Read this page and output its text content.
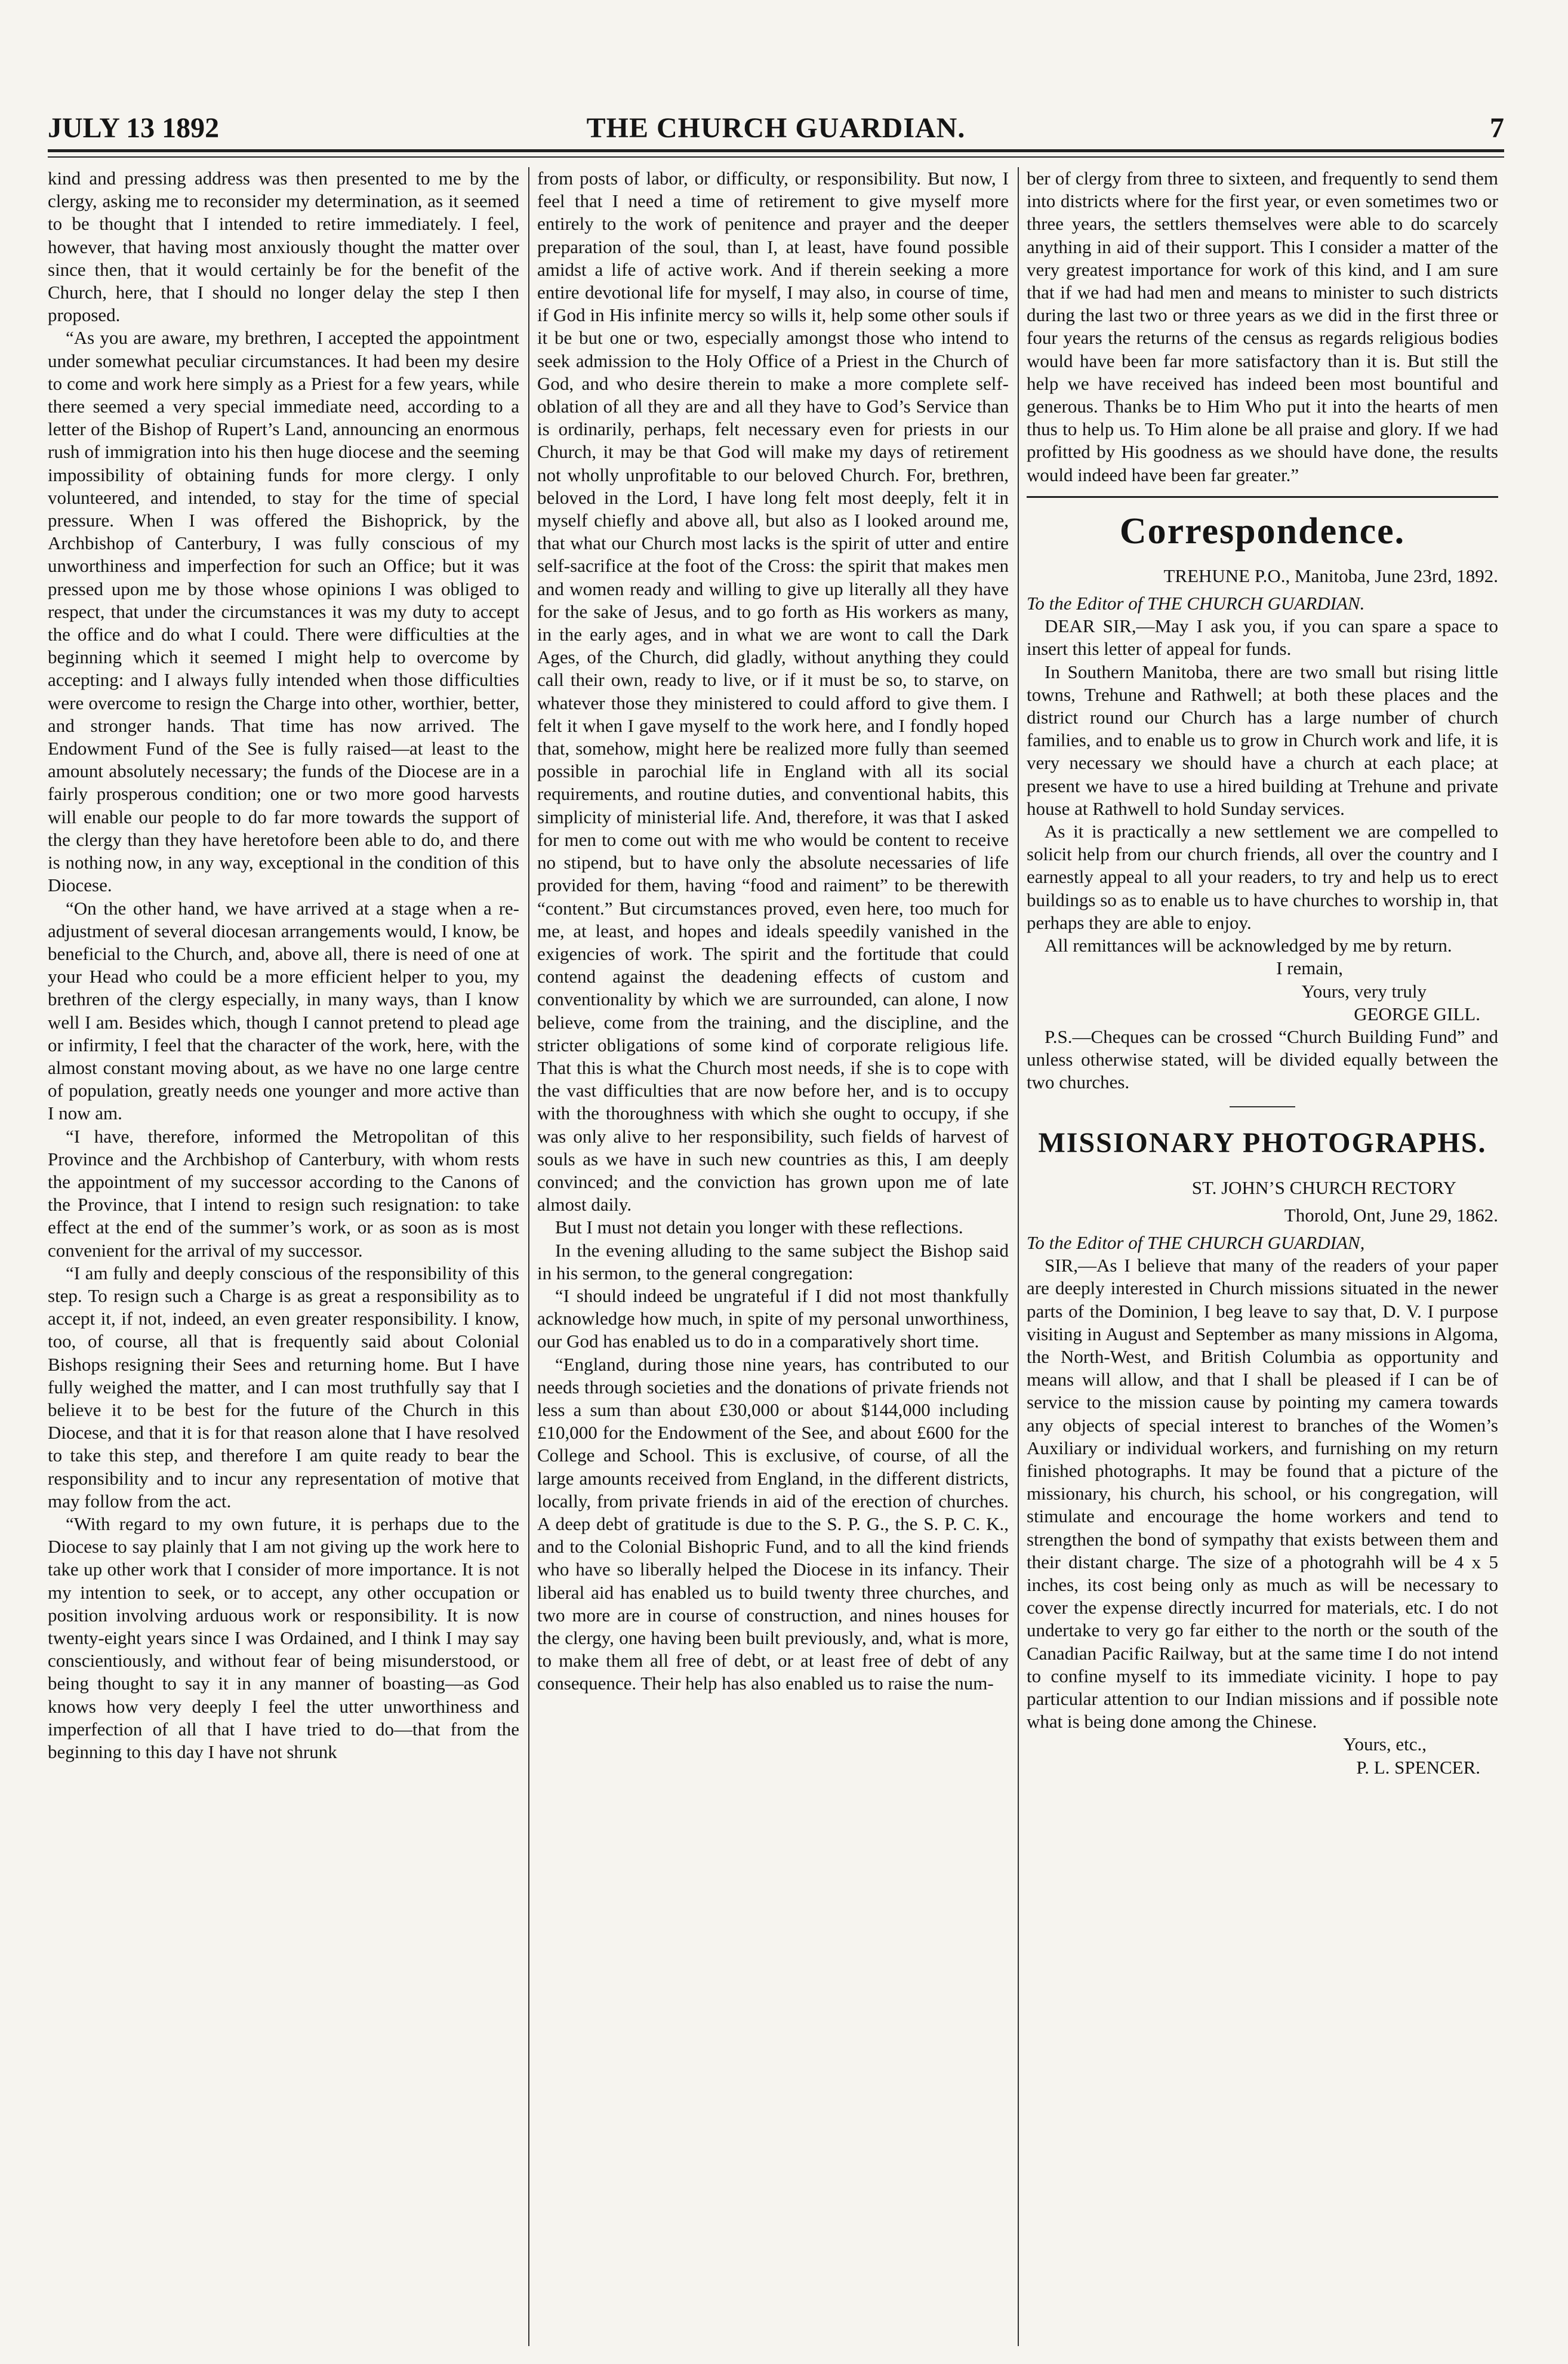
JULY 13 1892	THE CHURCH GUARDIAN.	7

kind and pressing address was then presented to me by the clergy, asking me to reconsider my determination, as it seemed to be thought that I intended to retire immediately. I feel, however, that having most anxiously thought the matter over since then, that it would certainly be for the benefit of the Church, here, that I should no longer delay the step I then proposed.

“As you are aware, my brethren, I accepted the appointment under somewhat peculiar circumstances. It had been my desire to come and work here simply as a Priest for a few years, while there seemed a very special immediate need, according to a letter of the Bishop of Rupert’s Land, announcing an enormous rush of immigration into his then huge diocese and the seeming impossibility of obtaining funds for more clergy. I only volunteered, and intended, to stay for the time of special pressure. When I was offered the Bishoprick, by the Archbishop of Canterbury, I was fully conscious of my unworthiness and imperfection for such an Office; but it was pressed upon me by those whose opinions I was obliged to respect, that under the circumstances it was my duty to accept the office and do what I could. There were difficulties at the beginning which it seemed I might help to overcome by accepting: and I always fully intended when those difficulties were overcome to resign the Charge into other, worthier, better, and stronger hands. That time has now arrived. The Endowment Fund of the See is fully raised—at least to the amount absolutely necessary; the funds of the Diocese are in a fairly prosperous condition; one or two more good harvests will enable our people to do far more towards the support of the clergy than they have heretofore been able to do, and there is nothing now, in any way, exceptional in the condition of this Diocese.

“On the other hand, we have arrived at a stage when a re-adjustment of several diocesan arrangements would, I know, be beneficial to the Church, and, above all, there is need of one at your Head who could be a more efficient helper to you, my brethren of the clergy especially, in many ways, than I know well I am. Besides which, though I cannot pretend to plead age or infirmity, I feel that the character of the work, here, with the almost constant moving about, as we have no one large centre of population, greatly needs one younger and more active than I now am.

“I have, therefore, informed the Metropolitan of this Province and the Archbishop of Canterbury, with whom rests the appointment of my successor according to the Canons of the Province, that I intend to resign such resignation: to take effect at the end of the summer’s work, or as soon as is most convenient for the arrival of my successor.

“I am fully and deeply conscious of the responsibility of this step. To resign such a Charge is as great a responsibility as to accept it, if not, indeed, an even greater responsibility. I know, too, of course, all that is frequently said about Colonial Bishops resigning their Sees and returning home. But I have fully weighed the matter, and I can most truthfully say that I believe it to be best for the future of the Church in this Diocese, and that it is for that reason alone that I have resolved to take this step, and therefore I am quite ready to bear the responsibility and to incur any representation of motive that may follow from the act.

“With regard to my own future, it is perhaps due to the Diocese to say plainly that I am not giving up the work here to take up other work that I consider of more importance. It is not my intention to seek, or to accept, any other occupation or position involving arduous work or responsibility. It is now twenty-eight years since I was Ordained, and I think I may say conscientiously, and without fear of being misunderstood, or being thought to say it in any manner of boasting—as God knows how very deeply I feel the utter unworthiness and imperfection of all that I have tried to do—that from the beginning to this day I have not shrunk

from posts of labor, or difficulty, or responsibility. But now, I feel that I need a time of retirement to give myself more entirely to the work of penitence and prayer and the deeper preparation of the soul, than I, at least, have found possible amidst a life of active work. And if therein seeking a more entire devotional life for myself, I may also, in course of time, if God in His infinite mercy so wills it, help some other souls if it be but one or two, especially amongst those who intend to seek admission to the Holy Office of a Priest in the Church of God, and who desire therein to make a more complete self-oblation of all they are and all they have to God’s Service than is ordinarily, perhaps, felt necessary even for priests in our Church, it may be that God will make my days of retirement not wholly unprofitable to our beloved Church. For, brethren, beloved in the Lord, I have long felt most deeply, felt it in myself chiefly and above all, but also as I looked around me, that what our Church most lacks is the spirit of utter and entire self-sacrifice at the foot of the Cross: the spirit that makes men and women ready and willing to give up literally all they have for the sake of Jesus, and to go forth as His workers as many, in the early ages, and in what we are wont to call the Dark Ages, of the Church, did gladly, without anything they could call their own, ready to live, or if it must be so, to starve, on whatever those they ministered to could afford to give them. I felt it when I gave myself to the work here, and I fondly hoped that, somehow, might here be realized more fully than seemed possible in parochial life in England with all its social requirements, and routine duties, and conventional habits, this simplicity of ministerial life. And, therefore, it was that I asked for men to come out with me who would be content to receive no stipend, but to have only the absolute necessaries of life provided for them, having “food and raiment” to be therewith “content.” But circumstances proved, even here, too much for me, at least, and hopes and ideals speedily vanished in the exigencies of work. The spirit and the fortitude that could contend against the deadening effects of custom and conventionality by which we are surrounded, can alone, I now believe, come from the training, and the discipline, and the stricter obligations of some kind of corporate religious life. That this is what the Church most needs, if she is to cope with the vast difficulties that are now before her, and is to occupy with the thoroughness with which she ought to occupy, if she was only alive to her responsibility, such fields of harvest of souls as we have in such new countries as this, I am deeply convinced; and the conviction has grown upon me of late almost daily.

But I must not detain you longer with these reflections.

In the evening alluding to the same subject the Bishop said in his sermon, to the general congregation:

“I should indeed be ungrateful if I did not most thankfully acknowledge how much, in spite of my personal unworthiness, our God has enabled us to do in a comparatively short time.

“England, during those nine years, has contributed to our needs through societies and the donations of private friends not less a sum than about £30,000 or about $144,000 including £10,000 for the Endowment of the See, and about £600 for the College and School. This is exclusive, of course, of all the large amounts received from England, in the different districts, locally, from private friends in aid of the erection of churches. A deep debt of gratitude is due to the S. P. G., the S. P. C. K., and to the Colonial Bishopric Fund, and to all the kind friends who have so liberally helped the Diocese in its infancy. Their liberal aid has enabled us to build twenty three churches, and two more are in course of construction, and nines houses for the clergy, one having been built previously, and, what is more, to make them all free of debt, or at least free of debt of any consequence. Their help has also enabled us to raise the num-

ber of clergy from three to sixteen, and frequently to send them into districts where for the first year, or even sometimes two or three years, the settlers themselves were able to do scarcely anything in aid of their support. This I consider a matter of the very greatest importance for work of this kind, and I am sure that if we had had men and means to minister to such districts during the last two or three years as we did in the first three or four years the returns of the census as regards religious bodies would have been far more satisfactory than it is. But still the help we have received has indeed been most bountiful and generous. Thanks be to Him Who put it into the hearts of men thus to help us. To Him alone be all praise and glory. If we had profitted by His goodness as we should have done, the results would indeed have been far greater.”

Correspondence.
TREHUNE P.O., Manitoba, June 23rd, 1892.
To the Editor of THE CHURCH GUARDIAN.

DEAR SIR,—May I ask you, if you can spare a space to insert this letter of appeal for funds.

In Southern Manitoba, there are two small but rising little towns, Trehune and Rathwell; at both these places and the district round our Church has a large number of church families, and to enable us to grow in Church work and life, it is very necessary we should have a church at each place; at present we have to use a hired building at Trehune and private house at Rathwell to hold Sunday services.

As it is practically a new settlement we are compelled to solicit help from our church friends, all over the country and I earnestly appeal to all your readers, to try and help us to erect buildings so as to enable us to have churches to worship in, that perhaps they are able to enjoy.

All remittances will be acknowledged by me by return.

I remain,
Yours, very truly
GEORGE GILL.

P.S.—Cheques can be crossed “Church Building Fund” and unless otherwise stated, will be divided equally between the two churches.

MISSIONARY PHOTOGRAPHS.
ST. JOHN’S CHURCH RECTORY
Thorold, Ont, June 29, 1862.
To the Editor of THE CHURCH GUARDIAN,

SIR,—As I believe that many of the readers of your paper are deeply interested in Church missions situated in the newer parts of the Dominion, I beg leave to say that, D. V. I purpose visiting in August and September as many missions in Algoma, the North-West, and British Columbia as opportunity and means will allow, and that I shall be pleased if I can be of service to the mission cause by pointing my camera towards any objects of special interest to branches of the Women’s Auxiliary or individual workers, and furnishing on my return finished photographs. It may be found that a picture of the missionary, his church, his school, or his congregation, will stimulate and encourage the home workers and tend to strengthen the bond of sympathy that exists between them and their distant charge. The size of a photograhh will be 4 x 5 inches, its cost being only as much as will be necessary to cover the expense directly incurred for materials, etc. I do not undertake to very go far either to the north or the south of the Canadian Pacific Railway, but at the same time I do not intend to confine myself to its immediate vicinity. I hope to pay particular attention to our Indian missions and if possible note what is being done among the Chinese.

Yours, etc.,
P. L. SPENCER.
